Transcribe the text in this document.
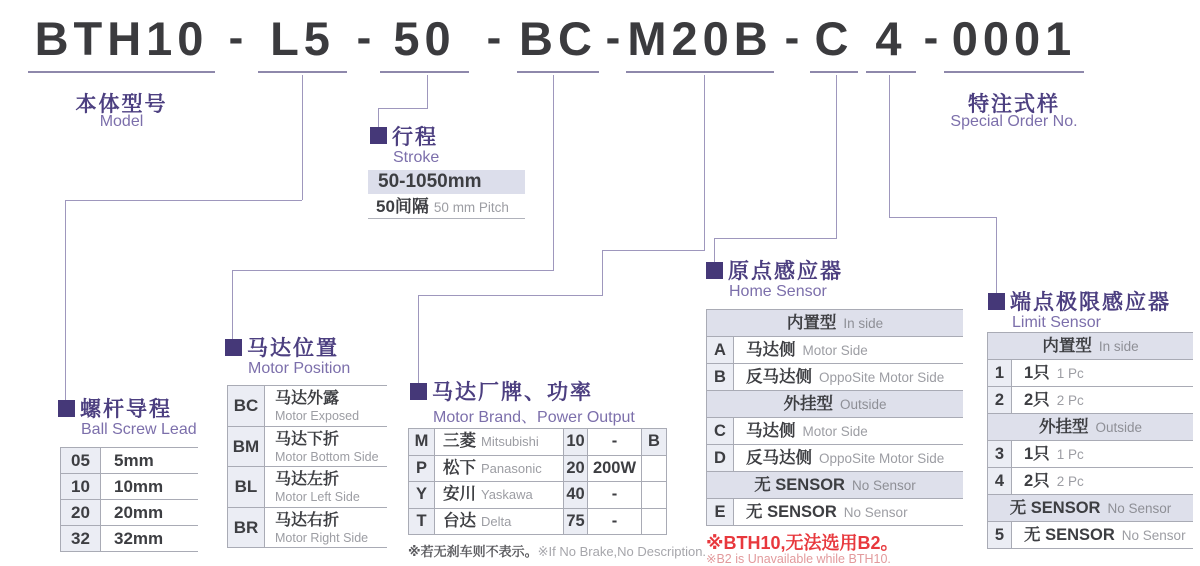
BTH10 - L5 - 50 - BC - M20B - C 4 - 0001
本体型号
Model
特注式样
Special Order No.
行程
Stroke
50-1050mm
50间隔 50 mm Pitch
螺杆导程
Ball Screw Lead
05	5mm
10	10mm
20	20mm
32	32mm
马达位置
Motor Position
BC	马达外露
Motor Exposed
BM 马达下折
Motor Bottom Side
BL	马达左折
Motor Left Side
BR	马达右折
Motor Right Side
马达厂牌、功率
Motor Brand、Power Output
M 三菱 Mitsubishi	10	-	B
P 松下 Panasonic	20 200W
Y 安川 Yaskawa	40	-
T 台达 Delta	75	-
※若无刹车则不表示。※If No Brake,No Description.
原点感应器
Home Sensor
内置型 In side
A	马达侧 Motor Side
B	反马达侧 OppoSite Motor Side
外挂型 Outside
C	马达侧 Motor Side
D	反马达侧 OppoSite Motor Side
无 SENSOR No Sensor
E	无 SENSOR No Sensor
※BTH10,无法选用B2。
※B2 is Unavailable while BTH10.
端点极限感应器
Limit Sensor
内置型 In side
1	1只 1 Pc
2	2只 2 Pc
外挂型 Outside
3	1只 1 Pc
4	2只 2 Pc
无 SENSOR No Sensor
5	无 SENSOR No Sensor
